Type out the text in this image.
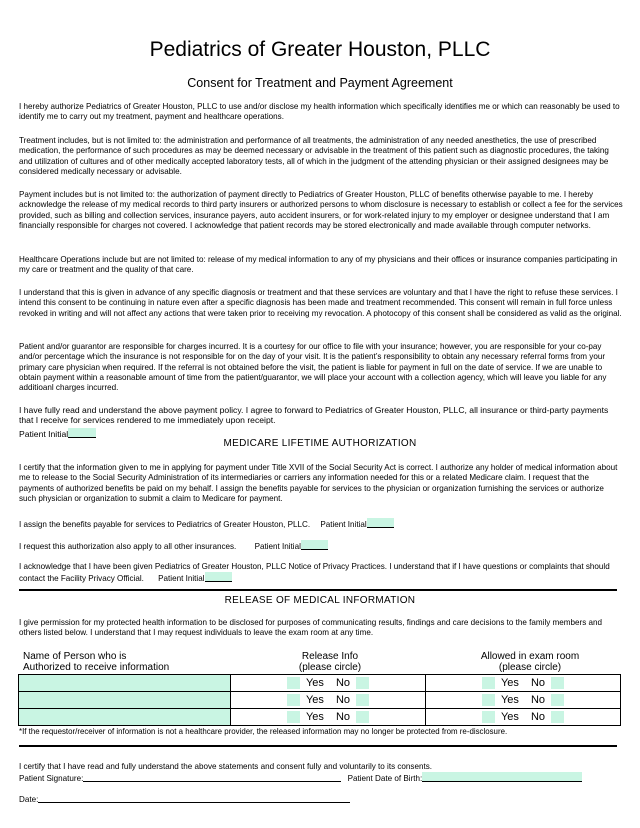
Pediatrics of Greater Houston, PLLC
Consent for Treatment and Payment Agreement
I hereby authorize Pediatrics of Greater Houston, PLLC to use and/or disclose my health information which specifically identifies me or which can reasonably be used to identify me to carry out my treatment, payment and healthcare operations.
Treatment includes, but is not limited to: the administration and performance of all treatments, the administration of any needed anesthetics, the use of prescribed medication, the performance of such procedures as may be deemed necessary or advisable in the treatment of this patient such as diagnostic procedures, the taking and utilization of cultures and of other medically accepted laboratory tests, all of which in the judgment of the attending physician or their assigned designees may be considered medically necessary or advisable.
Payment includes but is not limited to: the authorization of payment directly to Pediatrics of Greater Houston, PLLC of benefits otherwise payable to me. I hereby acknowledge the release of my medical records to third party insurers or authorized persons to whom disclosure is necessary to establish or collect a fee for the services provided, such as billing and collection services, insurance payers, auto accident insurers, or for work-related injury to my employer or designee understand that I am financially responsible for charges not covered. I acknowledge that patient records may be stored electronically and made available through computer networks.
Healthcare Operations include but are not limited to: release of my medical information to any of my physicians and their offices or insurance companies participating in my care or treatment and the quality of that care.
I understand that this is given in advance of any specific diagnosis or treatment and that these services are voluntary and that I have the right to refuse these services. I intend this consent to be continuing in nature even after a specific diagnosis has been made and treatment recommended. This consent will remain in full force unless revoked in writing and will not affect any actions that were taken prior to receiving my revocation. A photocopy of this consent shall be considered as valid as the original.
Patient and/or guarantor are responsible for charges incurred. It is a courtesy for our office to file with your insurance; however, you are responsible for your co-pay and/or percentage which the insurance is not responsible for on the day of your visit. It is the patient’s responsibility to obtain any necessary referral forms from your primary care physician when required. If the referral is not obtained before the visit, the patient is liable for payment in full on the date of service. If we are unable to obtain payment within a reasonable amount of time from the patient/guarantor, we will place your account with a collection agency, which will leave you liable for any additioanl charges incurred.
I have fully read and understand the above payment policy. I agree to forward to Pediatrics of Greater Houston, PLLC, all insurance or third-party payments that I receive for services rendered to me immediately upon receipt.
Patient Initial
MEDICARE LIFETIME AUTHORIZATION
I certify that the information given to me in applying for payment under Title XVII of the Social Security Act is correct. I authorize any holder of medical information about me to release to the Social Security Administration of its intermediaries or carriers any information needed for this or a related Medicare claim. I request that the payments of authorized benefits be paid on my behalf. I assign the benefits payable for services to the physician or organization furnishing the services or authorize such physician or organization to submit a claim to Medicare for payment.
I assign the benefits payable for services to Pediatrics of Greater Houston, PLLC. Patient Initial
I request this authorization also apply to all other insurances. Patient Initial
I acknowledge that I have been given Pediatrics of Greater Houston, PLLC Notice of Privacy Practices. I understand that if I have questions or complaints that should contact the Facility Privacy Official. Patient Initial
RELEASE OF MEDICAL INFORMATION
I give permission for my protected health information to be disclosed for purposes of communicating results, findings and care decisions to the family members and others listed below. I understand that I may request individuals to leave the exam room at any time.
Name of Person who is
Authorized to receive information
Release Info
(please circle)
Allowed in exam room
(please circle)

	Yes No	Yes No

	Yes No	Yes No

	Yes No	Yes No
*If the requestor/receiver of information is not a healthcare provider, the released information may no longer be protected from re-disclosure.
I certify that I have read and fully understand the above statements and consent fully and voluntarily to its consents.
Patient Signature:	Patient Date of Birth:
Date:
